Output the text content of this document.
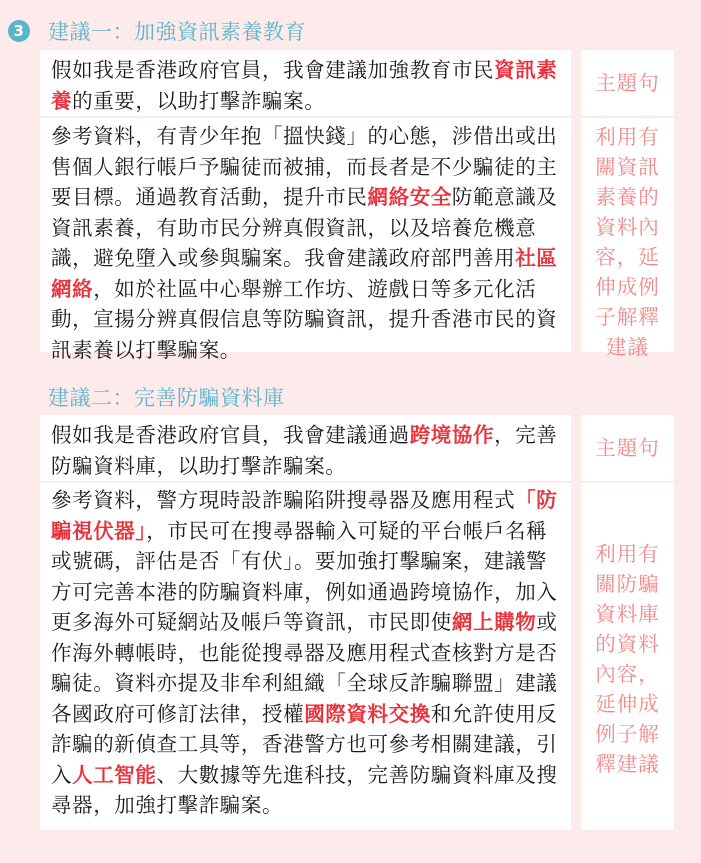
3 建議一：加強資訊素養教育

假如我是香港政府官員，我會建議加強教育市民資訊素養的重要，以助打擊詐騙案。

主題句

參考資料，有青少年抱「搵快錢」的心態，涉借出或出售個人銀行帳戶予騙徒而被捕，而長者是不少騙徒的主要目標。通過教育活動，提升市民網絡安全防範意識及資訊素養，有助市民分辨真假資訊，以及培養危機意識，避免墮入或參與騙案。我會建議政府部門善用社區網絡，如於社區中心舉辦工作坊、遊戲日等多元化活動，宣揚分辨真假信息等防騙資訊，提升香港市民的資訊素養以打擊騙案。

利用有關資訊素養的資料內容，延伸成例子解釋建議
建議二：完善防騙資料庫

假如我是香港政府官員，我會建議通過跨境協作，完善防騙資料庫，以助打擊詐騙案。

主題句

參考資料，警方現時設詐騙陷阱搜尋器及應用程式「防騙視伏器」，市民可在搜尋器輸入可疑的平台帳戶名稱或號碼，評估是否「有伏」。要加強打擊騙案，建議警方可完善本港的防騙資料庫，例如通過跨境協作，加入更多海外可疑網站及帳戶等資訊，市民即使網上購物或作海外轉帳時，也能從搜尋器及應用程式查核對方是否騙徒。資料亦提及非牟利組織「全球反詐騙聯盟」建議各國政府可修訂法律，授權國際資料交換和允許使用反詐騙的新偵查工具等，香港警方也可參考相關建議，引入人工智能、大數據等先進科技，完善防騙資料庫及搜尋器，加強打擊詐騙案。

利用有關防騙資料庫的資料內容，延伸成例子解釋建議
